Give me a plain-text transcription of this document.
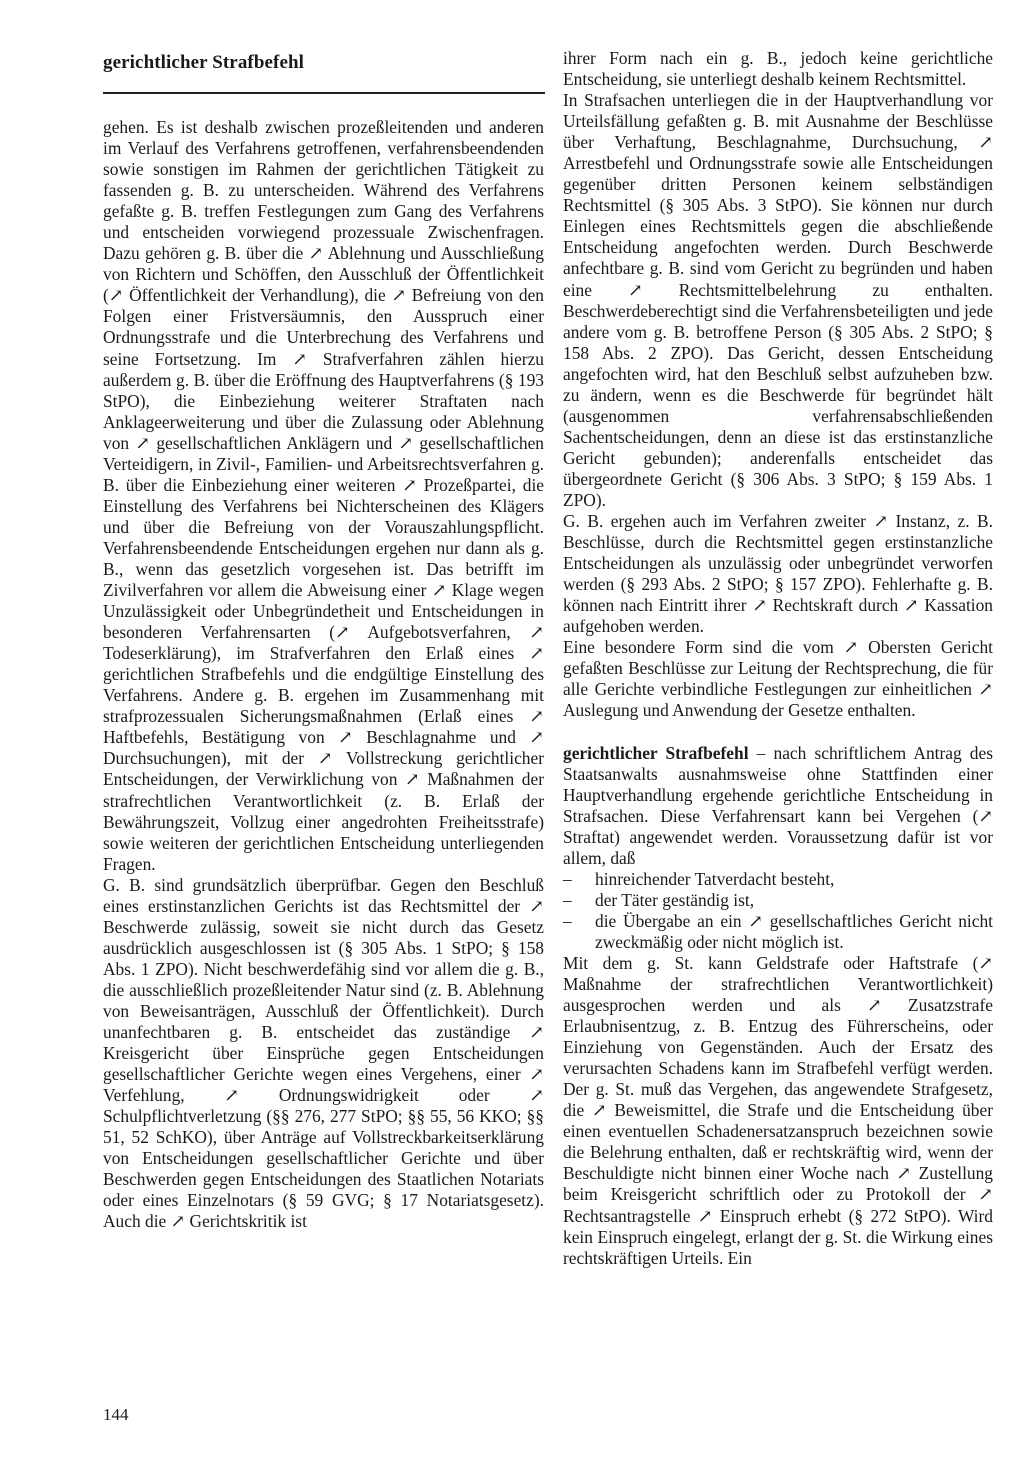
gerichtlicher Strafbefehl

gehen. Es ist deshalb zwischen prozeßleitenden und anderen im Verlauf des Verfahrens getroffenen, verfahrensbeendenden sowie sonstigen im Rahmen der gerichtlichen Tätigkeit zu fassenden g. B. zu unterscheiden. Während des Verfahrens gefaßte g. B. treffen Festlegungen zum Gang des Verfahrens und entscheiden vorwiegend prozessuale Zwischenfragen. Dazu gehören g. B. über die ↗ Ablehnung und Ausschließung von Richtern und Schöffen, den Ausschluß der Öffentlichkeit (↗ Öffentlichkeit der Verhandlung), die ↗ Befreiung von den Folgen einer Fristversäumnis, den Ausspruch einer Ordnungsstrafe und die Unterbrechung des Verfahrens und seine Fortsetzung. Im ↗ Strafverfahren zählen hierzu außerdem g. B. über die Eröffnung des Hauptverfahrens (§ 193 StPO), die Einbeziehung weiterer Straftaten nach Anklageerweiterung und über die Zulassung oder Ablehnung von ↗ gesellschaftlichen Anklägern und ↗ gesellschaftlichen Verteidigern, in Zivil-, Familien- und Arbeitsrechtsverfahren g. B. über die Einbeziehung einer weiteren ↗ Prozeßpartei, die Einstellung des Verfahrens bei Nichterscheinen des Klägers und über die Befreiung von der Vorauszahlungspflicht. Verfahrensbeendende Entscheidungen ergehen nur dann als g. B., wenn das gesetzlich vorgesehen ist. Das betrifft im Zivilverfahren vor allem die Abweisung einer ↗ Klage wegen Unzulässigkeit oder Unbegründetheit und Entscheidungen in besonderen Verfahrensarten (↗ Aufgebotsverfahren, ↗ Todeserklärung), im Strafverfahren den Erlaß eines ↗ gerichtlichen Strafbefehls und die endgültige Einstellung des Verfahrens. Andere g. B. ergehen im Zusammenhang mit strafprozessualen Sicherungsmaßnahmen (Erlaß eines ↗ Haftbefehls, Bestätigung von ↗ Beschlagnahme und ↗ Durchsuchungen), mit der ↗ Vollstreckung gerichtlicher Entscheidungen, der Verwirklichung von ↗ Maßnahmen der strafrechtlichen Verantwortlichkeit (z. B. Erlaß der Bewährungszeit, Vollzug einer angedrohten Freiheitsstrafe) sowie weiteren der gerichtlichen Entscheidung unterliegenden Fragen.

G. B. sind grundsätzlich überprüfbar. Gegen den Beschluß eines erstinstanzlichen Gerichts ist das Rechtsmittel der ↗ Beschwerde zulässig, soweit sie nicht durch das Gesetz ausdrücklich ausgeschlossen ist (§ 305 Abs. 1 StPO; § 158 Abs. 1 ZPO). Nicht beschwerdefähig sind vor allem die g. B., die ausschließlich prozeßleitender Natur sind (z. B. Ablehnung von Beweisanträgen, Ausschluß der Öffentlichkeit). Durch unanfechtbaren g. B. entscheidet das zuständige ↗ Kreisgericht über Einsprüche gegen Entscheidungen gesellschaftlicher Gerichte wegen eines Vergehens, einer ↗ Verfehlung, ↗ Ordnungswidrigkeit oder ↗ Schulpflichtverletzung (§§ 276, 277 StPO; §§ 55, 56 KKO; §§ 51, 52 SchKO), über Anträge auf Vollstreckbarkeitserklärung von Entscheidungen gesellschaftlicher Gerichte und über Beschwerden gegen Entscheidungen des Staatlichen Notariats oder eines Einzelnotars (§ 59 GVG; § 17 Notariatsgesetz). Auch die ↗ Gerichtskritik ist

ihrer Form nach ein g. B., jedoch keine gerichtliche Entscheidung, sie unterliegt deshalb keinem Rechtsmittel.

In Strafsachen unterliegen die in der Hauptverhandlung vor Urteilsfällung gefaßten g. B. mit Ausnahme der Beschlüsse über Verhaftung, Beschlagnahme, Durchsuchung, ↗ Arrestbefehl und Ordnungsstrafe sowie alle Entscheidungen gegenüber dritten Personen keinem selbständigen Rechtsmittel (§ 305 Abs. 3 StPO). Sie können nur durch Einlegen eines Rechtsmittels gegen die abschließende Entscheidung angefochten werden. Durch Beschwerde anfechtbare g. B. sind vom Gericht zu begründen und haben eine ↗ Rechtsmittelbelehrung zu enthalten. Beschwerdeberechtigt sind die Verfahrensbeteiligten und jede andere vom g. B. betroffene Person (§ 305 Abs. 2 StPO; § 158 Abs. 2 ZPO). Das Gericht, dessen Entscheidung angefochten wird, hat den Beschluß selbst aufzuheben bzw. zu ändern, wenn es die Beschwerde für begründet hält (ausgenommen verfahrensabschließenden Sachentscheidungen, denn an diese ist das erstinstanzliche Gericht gebunden); anderenfalls entscheidet das übergeordnete Gericht (§ 306 Abs. 3 StPO; § 159 Abs. 1 ZPO).

G. B. ergehen auch im Verfahren zweiter ↗ Instanz, z. B. Beschlüsse, durch die Rechtsmittel gegen erstinstanzliche Entscheidungen als unzulässig oder unbegründet verworfen werden (§ 293 Abs. 2 StPO; § 157 ZPO). Fehlerhafte g. B. können nach Eintritt ihrer ↗ Rechtskraft durch ↗ Kassation aufgehoben werden.

Eine besondere Form sind die vom ↗ Obersten Gericht gefaßten Beschlüsse zur Leitung der Rechtsprechung, die für alle Gerichte verbindliche Festlegungen zur einheitlichen ↗ Auslegung und Anwendung der Gesetze enthalten.

gerichtlicher Strafbefehl – nach schriftlichem Antrag des Staatsanwalts ausnahmsweise ohne Stattfinden einer Hauptverhandlung ergehende gerichtliche Entscheidung in Strafsachen. Diese Verfahrensart kann bei Vergehen (↗ Straftat) angewendet werden. Voraussetzung dafür ist vor allem, daß

–	hinreichender Tatverdacht besteht,
–	der Täter geständig ist,
–	die Übergabe an ein ↗ gesellschaftliches Gericht nicht zweckmäßig oder nicht möglich ist.

Mit dem g. St. kann Geldstrafe oder Haftstrafe (↗ Maßnahme der strafrechtlichen Verantwortlichkeit) ausgesprochen werden und als ↗ Zusatzstrafe Erlaubnisentzug, z. B. Entzug des Führerscheins, oder Einziehung von Gegenständen. Auch der Ersatz des verursachten Schadens kann im Strafbefehl verfügt werden. Der g. St. muß das Vergehen, das angewendete Strafgesetz, die ↗ Beweismittel, die Strafe und die Entscheidung über einen eventuellen Schadenersatzanspruch bezeichnen sowie die Belehrung enthalten, daß er rechtskräftig wird, wenn der Beschuldigte nicht binnen einer Woche nach ↗ Zustellung beim Kreisgericht schriftlich oder zu Protokoll der ↗ Rechtsantragstelle ↗ Einspruch erhebt (§ 272 StPO). Wird kein Einspruch eingelegt, erlangt der g. St. die Wirkung eines rechtskräftigen Urteils. Ein

144
